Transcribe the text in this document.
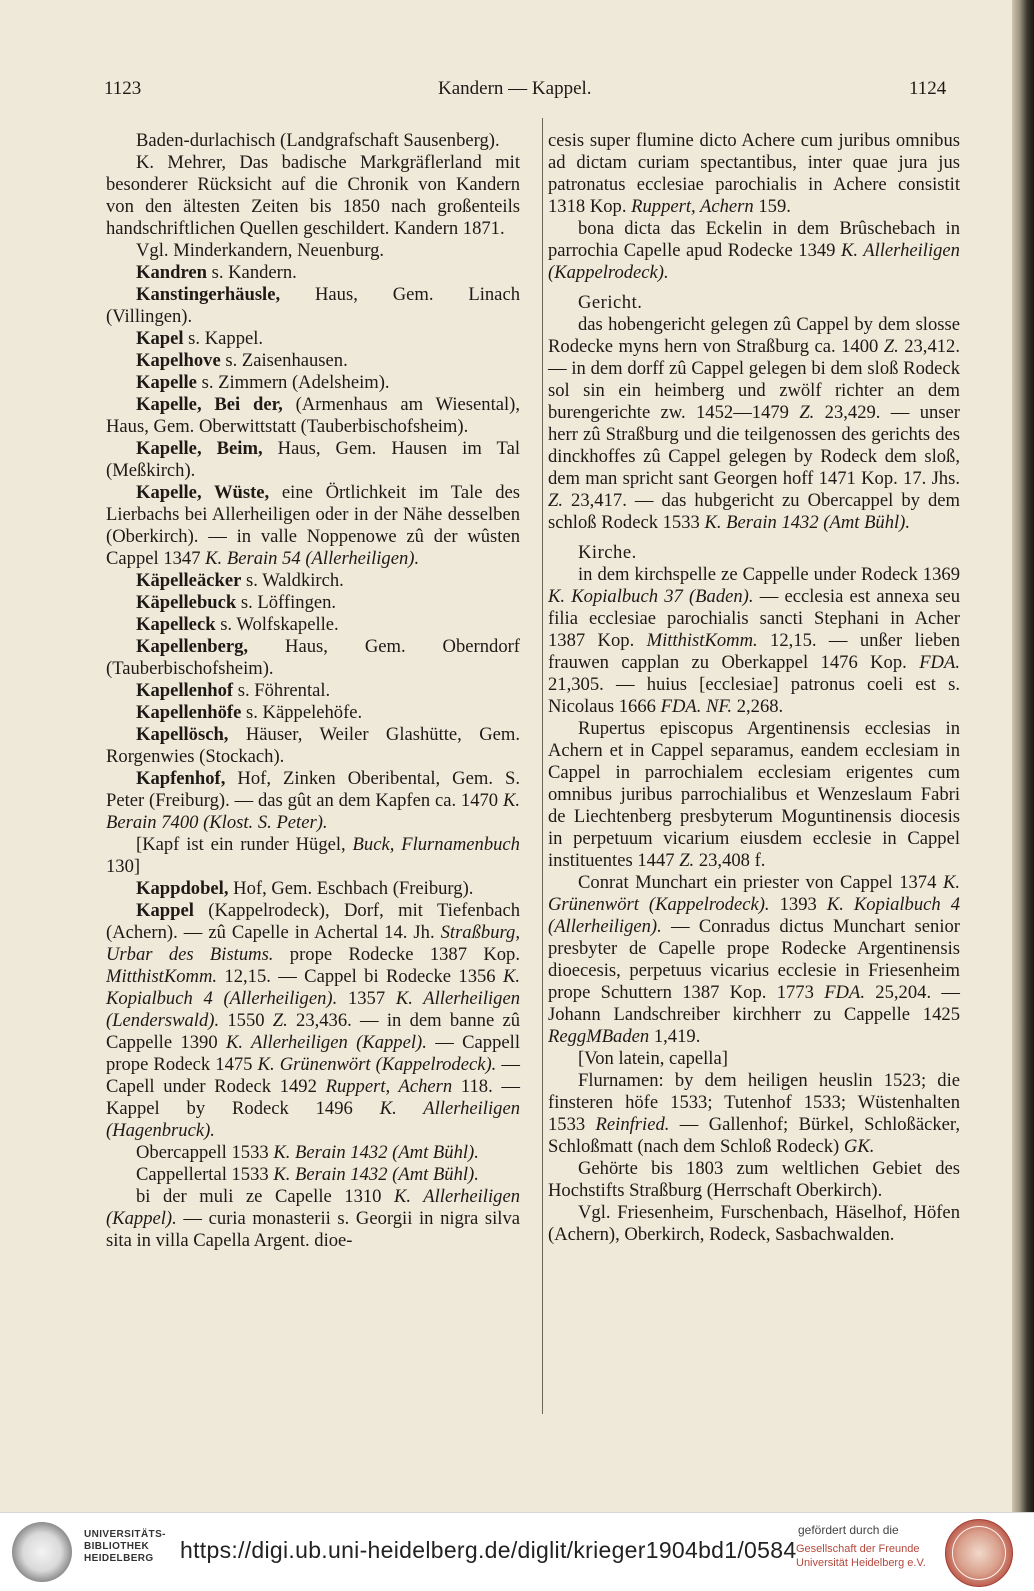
1123	Kandern — Kappel.	1124

Baden-durlachisch (Landgrafschaft Sausenberg).

K. Mehrer, Das badische Markgräflerland mit besonderer Rücksicht auf die Chronik von Kandern von den ältesten Zeiten bis 1850 nach großenteils handschriftlichen Quellen geschildert. Kandern 1871.

Vgl. Minderkandern, Neuenburg.

Kandren s. Kandern.

Kanstingerhäusle, Haus, Gem. Linach (Villingen).

Kapel s. Kappel.

Kapelhove s. Zaisenhausen.

Kapelle s. Zimmern (Adelsheim).

Kapelle, Bei der, (Armenhaus am Wiesental), Haus, Gem. Oberwittstatt (Tauberbischofsheim).

Kapelle, Beim, Haus, Gem. Hausen im Tal (Meßkirch).

Kapelle, Wüste, eine Örtlichkeit im Tale des Lierbachs bei Allerheiligen oder in der Nähe desselben (Oberkirch). — in valle Noppenowe zû der wûsten Cappel 1347 K. Berain 54 (Allerheiligen).

Käpelleäcker s. Waldkirch.

Käpellebuck s. Löffingen.

Kapelleck s. Wolfskapelle.

Kapellenberg, Haus, Gem. Oberndorf (Tauberbischofsheim).

Kapellenhof s. Föhrental.

Kapellenhöfe s. Käppelehöfe.

Kapellösch, Häuser, Weiler Glashütte, Gem. Rorgenwies (Stockach).

Kapfenhof, Hof, Zinken Oberibental, Gem. S. Peter (Freiburg). — das gût an dem Kapfen ca. 1470 K. Berain 7400 (Klost. S. Peter).

[Kapf ist ein runder Hügel, Buck, Flurnamenbuch 130]

Kappdobel, Hof, Gem. Eschbach (Freiburg).

Kappel (Kappelrodeck), Dorf, mit Tiefenbach (Achern). — zû Capelle in Achertal 14. Jh. Straßburg, Urbar des Bistums. prope Rodecke 1387 Kop. MitthistKomm. 12,15. — Cappel bi Rodecke 1356 K. Kopialbuch 4 (Allerheiligen). 1357 K. Allerheiligen (Lenderswald). 1550 Z. 23,436. — in dem banne zû Cappelle 1390 K. Allerheiligen (Kappel). — Cappell prope Rodeck 1475 K. Grünenwört (Kappelrodeck). — Capell under Rodeck 1492 Ruppert, Achern 118. — Kappel by Rodeck 1496 K. Allerheiligen (Hagenbruck).

Obercappell 1533 K. Berain 1432 (Amt Bühl).

Cappellertal 1533 K. Berain 1432 (Amt Bühl).

bi der muli ze Capelle 1310 K. Allerheiligen (Kappel). — curia monasterii s. Georgii in nigra silva sita in villa Capella Argent. dioe-

cesis super flumine dicto Achere cum juribus omnibus ad dictam curiam spectantibus, inter quae jura jus patronatus ecclesiae parochialis in Achere consistit 1318 Kop. Ruppert, Achern 159.

bona dicta das Eckelin in dem Brûschebach in parrochia Capelle apud Rodecke 1349 K. Allerheiligen (Kappelrodeck).

Gericht.

das hobengericht gelegen zû Cappel by dem slosse Rodecke myns hern von Straßburg ca. 1400 Z. 23,412. — in dem dorff zû Cappel gelegen bi dem sloß Rodeck sol sin ein heimberg und zwölf richter an dem burengerichte zw. 1452—1479 Z. 23,429. — unser herr zû Straßburg und die teilgenossen des gerichts des dinckhoffes zû Cappel gelegen by Rodeck dem sloß, dem man spricht sant Georgen hoff 1471 Kop. 17. Jhs. Z. 23,417. — das hubgericht zu Obercappel by dem schloß Rodeck 1533 K. Berain 1432 (Amt Bühl).

Kirche.

in dem kirchspelle ze Cappelle under Rodeck 1369 K. Kopialbuch 37 (Baden). — ecclesia est annexa seu filia ecclesiae parochialis sancti Stephani in Acher 1387 Kop. MitthistKomm. 12,15. — unßer lieben frauwen capplan zu Oberkappel 1476 Kop. FDA. 21,305. — huius [ecclesiae] patronus coeli est s. Nicolaus 1666 FDA. NF. 2,268.

Rupertus episcopus Argentinensis ecclesias in Achern et in Cappel separamus, eandem ecclesiam in Cappel in parrochialem ecclesiam erigentes cum omnibus juribus parrochialibus et Wenzeslaum Fabri de Liechtenberg presbyterum Moguntinensis diocesis in perpetuum vicarium eiusdem ecclesie in Cappel instituentes 1447 Z. 23,408 f.

Conrat Munchart ein priester von Cappel 1374 K. Grünenwört (Kappelrodeck). 1393 K. Kopialbuch 4 (Allerheiligen). — Conradus dictus Munchart senior presbyter de Capelle prope Rodecke Argentinensis dioecesis, perpetuus vicarius ecclesie in Friesenheim prope Schuttern 1387 Kop. 1773 FDA. 25,204. — Johann Landschreiber kirchherr zu Cappelle 1425 ReggMBaden 1,419.

[Von latein, capella]

Flurnamen: by dem heiligen heuslin 1523; die finsteren höfe 1533; Tutenhof 1533; Wüstenhalten 1533 Reinfried. — Gallenhof; Bürkel, Schloßäcker, Schloßmatt (nach dem Schloß Rodeck) GK.

Gehörte bis 1803 zum weltlichen Gebiet des Hochstifts Straßburg (Herrschaft Oberkirch).

Vgl. Friesenheim, Furschenbach, Häselhof, Höfen (Achern), Oberkirch, Rodeck, Sasbachwalden.

UNIVERSITÄTS-
BIBLIOTHEK
HEIDELBERG	https://digi.ub.uni-heidelberg.de/diglit/krieger1904bd1/0584
gefördert durch die
Gesellschaft der Freunde
Universität Heidelberg e.V.
